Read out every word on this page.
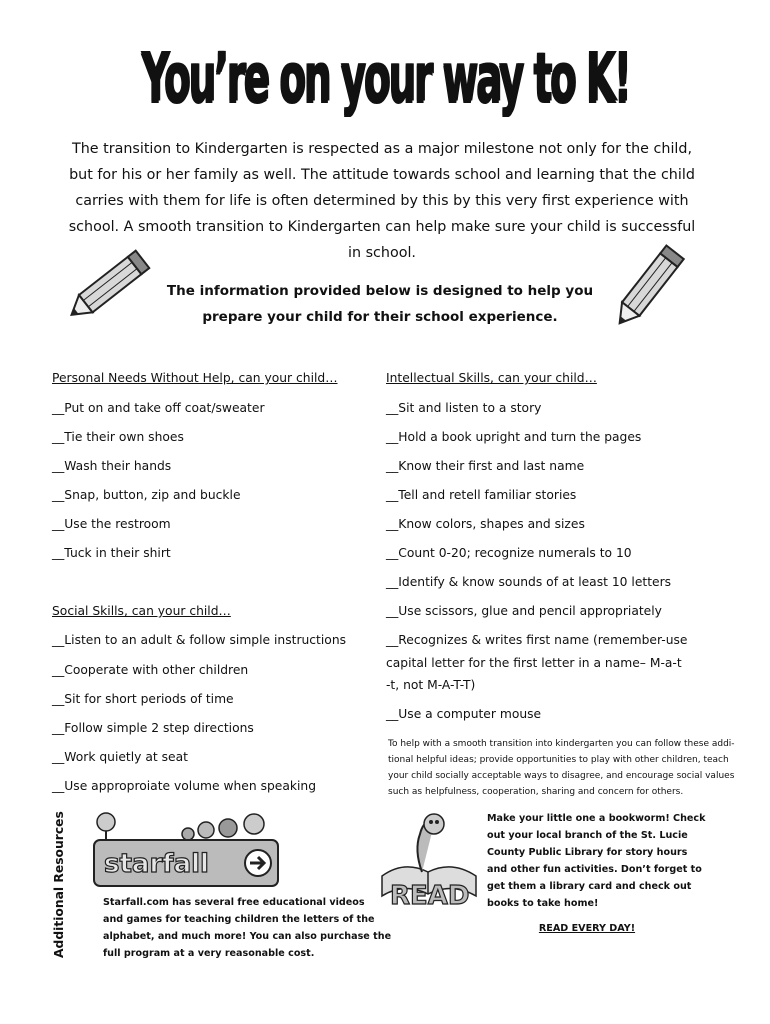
You’re on your way to K!
The transition to Kindergarten is respected as a major milestone not only for the child, but for his or her family as well. The attitude towards school and learning that the child carries with them for life is often determined by this by this very first experience with school. A smooth transition to Kindergarten can help make sure your child is successful in school.
The information provided below is designed to help you prepare your child for their school experience.
Personal Needs Without Help, can your child…
__Put on and take off coat/sweater
__Tie their own shoes
__Wash their hands
__Snap, button, zip and buckle
__Use the restroom
__Tuck in their shirt
Social Skills, can your child…
__Listen to an adult & follow simple instructions
__Cooperate with other children
__Sit for short periods of time
__Follow simple 2 step directions
__Work quietly at seat
__Use approproiate volume when speaking
Intellectual Skills, can your child…
__Sit and listen to a story
__Hold a book upright and turn the pages
__Know their first and last name
__Tell and retell familiar stories
__Know colors, shapes and sizes
__Count 0-20; recognize numerals to 10
__Identify & know sounds of at least 10 letters
__Use scissors, glue and pencil appropriately
__Recognizes & writes first name (remember-use
capital letter for the first letter in a name– M-a-t
-t, not M-A-T-T)
__Use a computer mouse
To help with a smooth transition into kindergarten you can follow these addi-
tional helpful ideas; provide opportunities to play with other children, teach
your child socially acceptable ways to disagree, and encourage social values
such as helpfulness, cooperation, sharing and concern for others.
Additional Resources starfall
Starfall.com has several free educational videos
and games for teaching children the letters of the
alphabet, and much more! You can also purchase the
full program at a very reasonable cost.
READ
Make your little one a bookworm! Check
out your local branch of the St. Lucie
County Public Library for story hours
and other fun activities. Don’t forget to
get them a library card and check out
books to take home!
READ EVERY DAY!
